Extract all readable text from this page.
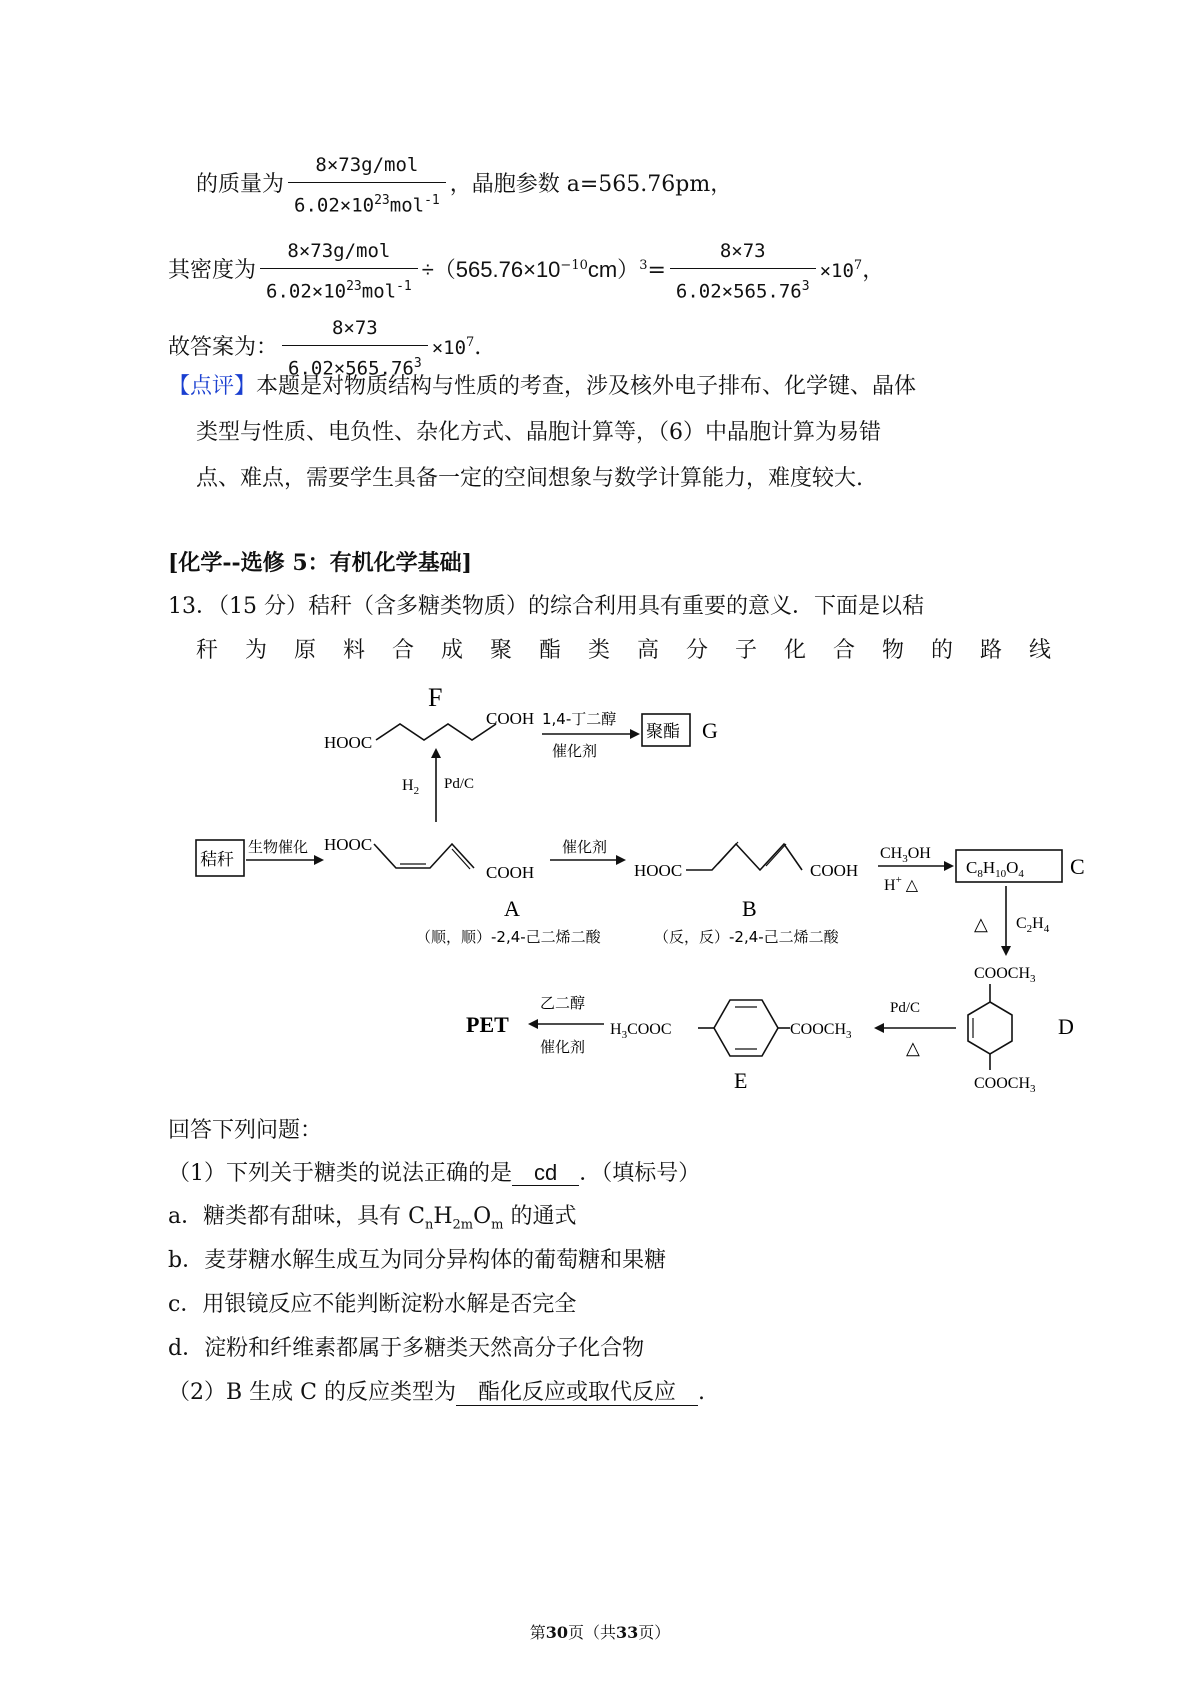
的质量为 $\frac{\text{8×73g/mol}}{6.02\times 10^{23}mol^{-1}}$ ，晶胞参数 a=565.76pm，
其密度为 $\frac{\text{8×73g/mol}}{6.02\times 10^{23}mol^{-1}} \div(565.76\times 10^{-10}cm)^3= \frac{8\times 73}{6.02\times 565.76^3} \times 10^7$，
故答案为： $\frac{8\times 73}{6.02\times 565.76^3} \times 10^7$.
【点评】本题是对物质结构与性质的考查，涉及核外电子排布、化学键、晶体
类型与性质、电负性、杂化方式、晶胞计算等，（6）中晶胞计算为易错
点、难点，需要学生具备一定的空间想象与数学计算能力，难度较大.
[化学--选修 5：有机化学基础]
13．（15 分）秸秆（含多糖类物质）的综合利用具有重要的意义．下面是以秸
秆为原料合成聚酯类高分子化合物的路线
F
HOOC
COOH 1,4-丁二醇
催化剂
聚酯 G
$H_2$ Pd/C
秸秆
生物催化 HOOC
COOH
催化剂
HOOC	COOH
$CH_3OH$
H+ △
$C_8H_{10}O_4$ C
A
（顺，顺）-2,4-己二烯二酸
B
（反，反）-2,4-己二烯二酸
△ $C_2H_4$
$COOCH_3$
$COOCH_3$
D
Pd/C
△
$H_3COOC$	$COOCH_3$
E
乙二醇
催化剂
PET
回答下列问题：
（1）下列关于糖类的说法正确的是 cd ．（填标号）
a．糖类都有甜味，具有 $C_nH_{2m}O_m$ 的通式
b．麦芽糖水解生成互为同分异构体的葡萄糖和果糖
c．用银镜反应不能判断淀粉水解是否完全
d．淀粉和纤维素都属于多糖类天然高分子化合物
（2）B 生成 C 的反应类型为 酯化反应或取代反应 .
第30页（共33页）
